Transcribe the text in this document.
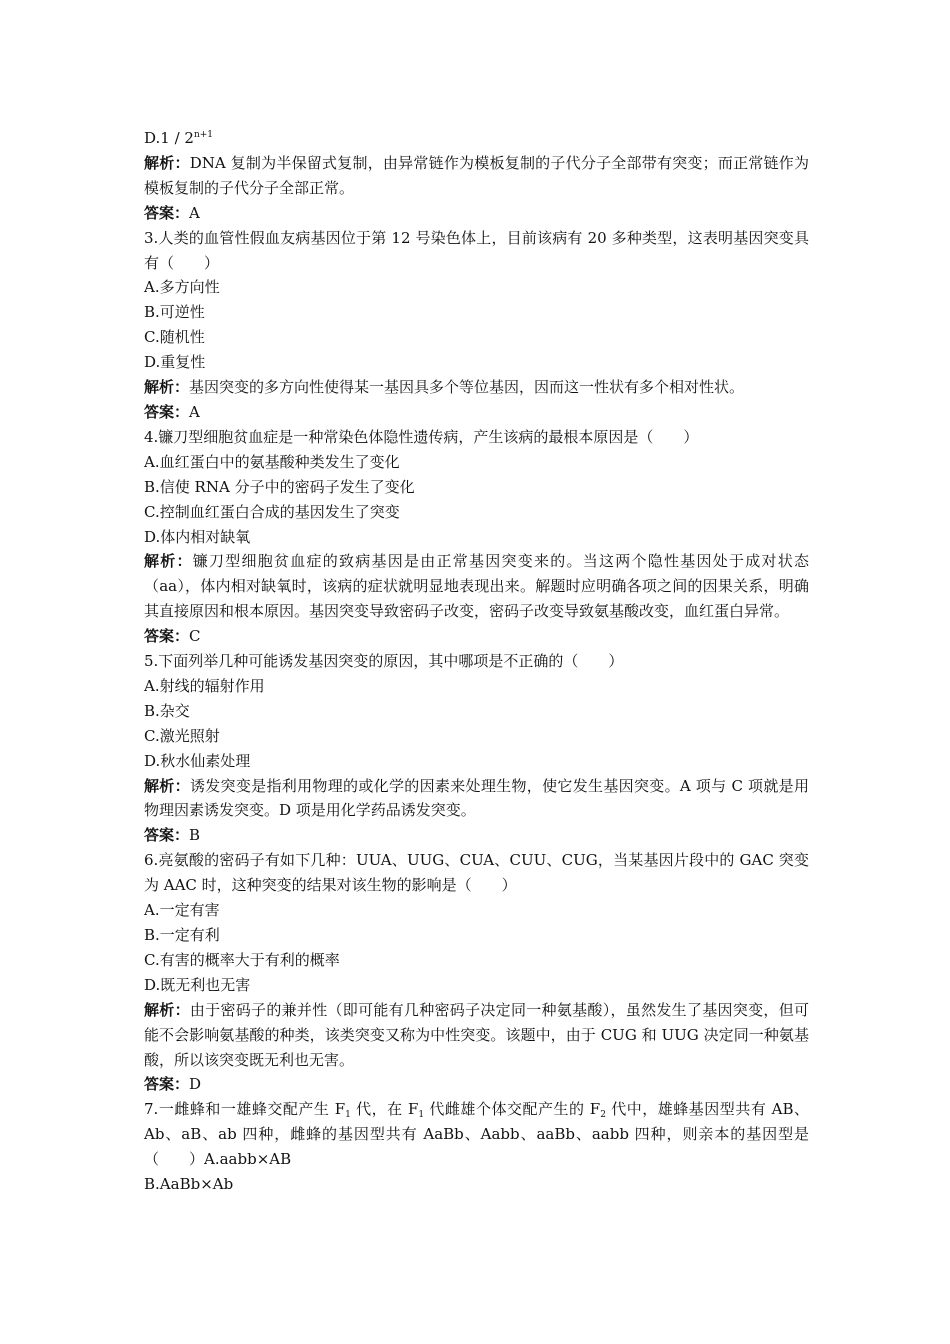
$D.1 / 2^{n+1}$

解析：DNA 复制为半保留式复制，由异常链作为模板复制的子代分子全部带有突变；而正常链作为模板复制的子代分子全部正常。

答案：A

3.人类的血管性假血友病基因位于第 12 号染色体上，目前该病有 20 多种类型，这表明基因突变具有（　　）

A.多方向性

B.可逆性

C.随机性

D.重复性

解析：基因突变的多方向性使得某一基因具多个等位基因，因而这一性状有多个相对性状。

答案：A

4.镰刀型细胞贫血症是一种常染色体隐性遗传病，产生该病的最根本原因是（　　）

A.血红蛋白中的氨基酸种类发生了变化

B.信使 RNA 分子中的密码子发生了变化

C.控制血红蛋白合成的基因发生了突变

D.体内相对缺氧

解析：镰刀型细胞贫血症的致病基因是由正常基因突变来的。当这两个隐性基因处于成对状态（aa），体内相对缺氧时，该病的症状就明显地表现出来。解题时应明确各项之间的因果关系，明确其直接原因和根本原因。基因突变导致密码子改变，密码子改变导致氨基酸改变，血红蛋白异常。

答案：C

5.下面列举几种可能诱发基因突变的原因，其中哪项是不正确的（　　）

A.射线的辐射作用

B.杂交

C.激光照射

D.秋水仙素处理

解析：诱发突变是指利用物理的或化学的因素来处理生物，使它发生基因突变。A 项与 C 项就是用物理因素诱发突变。D 项是用化学药品诱发突变。

答案：B

6.亮氨酸的密码子有如下几种：UUA、UUG、CUA、CUU、CUG，当某基因片段中的 GAC 突变为 AAC 时，这种突变的结果对该生物的影响是（　　）

A.一定有害

B.一定有利

C.有害的概率大于有利的概率

D.既无利也无害

解析：由于密码子的兼并性（即可能有几种密码子决定同一种氨基酸），虽然发生了基因突变，但可能不会影响氨基酸的种类，该类突变又称为中性突变。该题中，由于 CUG 和 UUG 决定同一种氨基酸，所以该突变既无利也无害。

答案：D

7.一雌蜂和一雄蜂交配产生 $F_1$ 代，在 $F_1$ 代雌雄个体交配产生的 $F_2$ 代中，雄蜂基因型共有 AB、Ab、aB、ab 四种，雌蜂的基因型共有 AaBb、Aabb、aaBb、aabb 四种，则亲本的基因型是（　　）A.aabb×AB

B.AaBb×Ab
